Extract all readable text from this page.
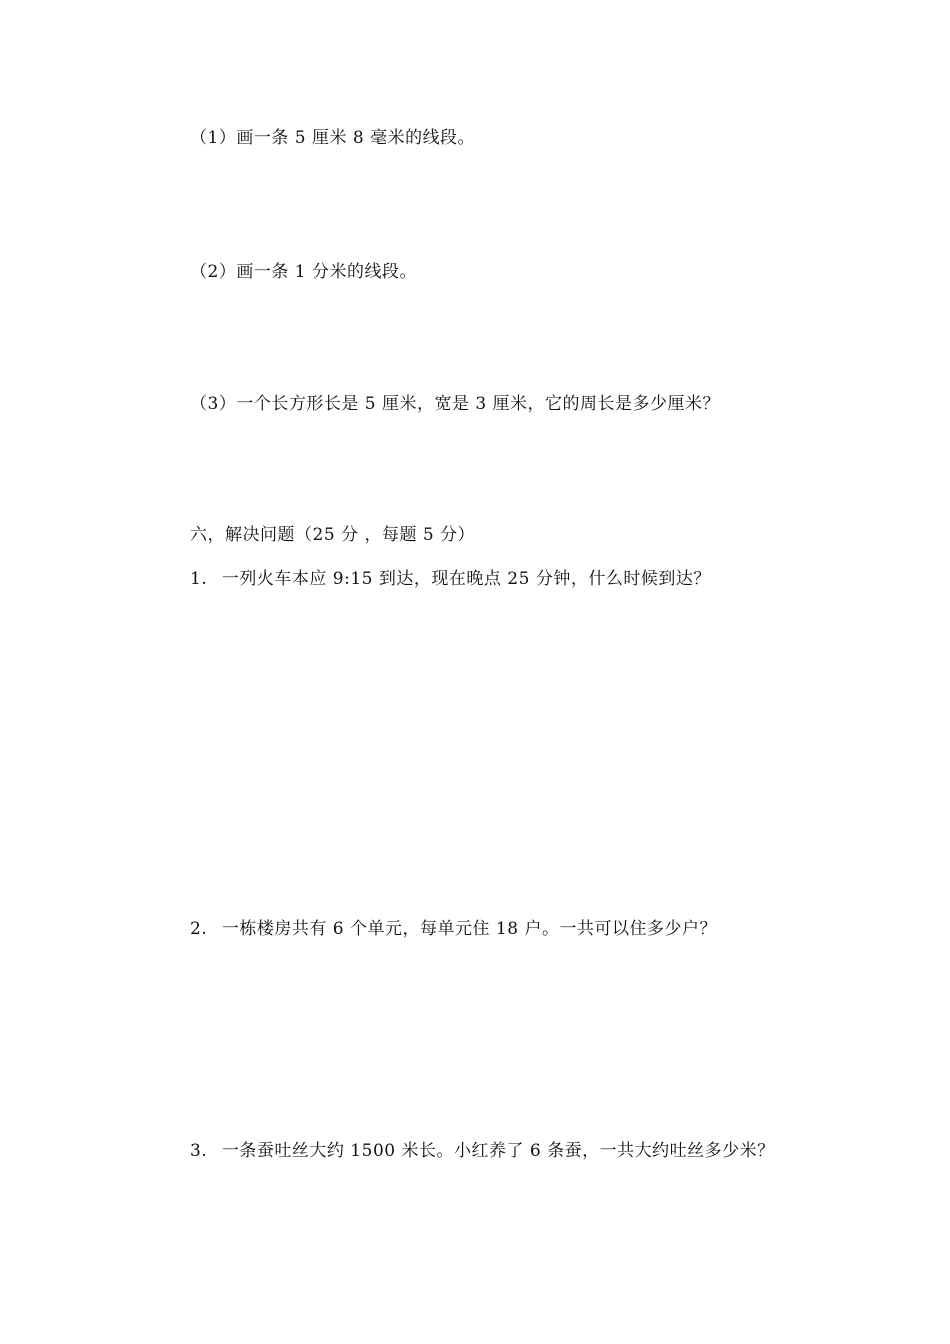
（1）画一条 5 厘米 8 毫米的线段。
（2）画一条 1 分米的线段。
（3）一个长方形长是 5 厘米，宽是 3 厘米，它的周长是多少厘米？
六，解决问题（25 分 ，每题 5 分）
1. 一列火车本应 9:15 到达，现在晚点 25 分钟，什么时候到达？
2. 一栋楼房共有 6 个单元，每单元住 18 户。一共可以住多少户？
3. 一条蚕吐丝大约 1500 米长。小红养了 6 条蚕，一共大约吐丝多少米？
